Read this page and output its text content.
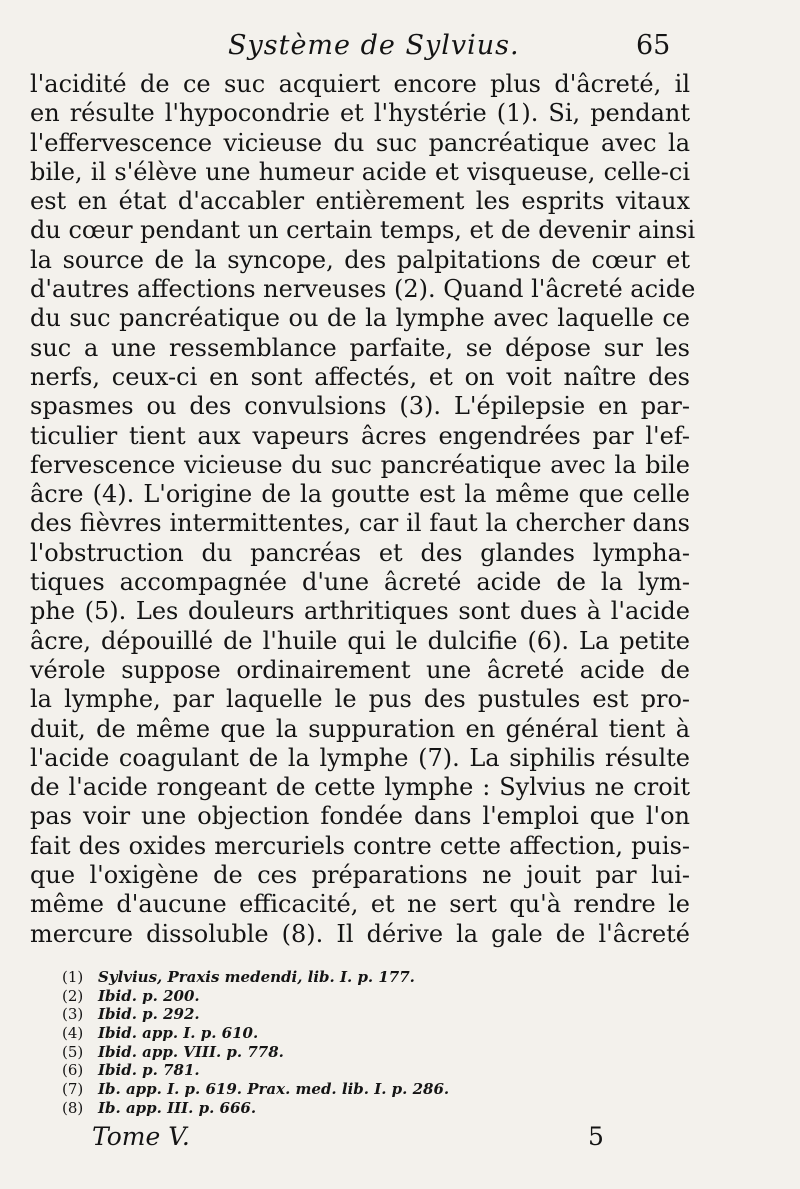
Système de Sylvius.	65
l'acidité de ce suc acquiert encore plus d'âcreté, il
en résulte l'hypocondrie et l'hystérie (1). Si, pendant
l'effervescence vicieuse du suc pancréatique avec la
bile, il s'élève une humeur acide et visqueuse, celle-ci
est en état d'accabler entièrement les esprits vitaux
du cœur pendant un certain temps, et de devenir ainsi
la source de la syncope, des palpitations de cœur et
d'autres affections nerveuses (2). Quand l'âcreté acide
du suc pancréatique ou de la lymphe avec laquelle ce
suc a une ressemblance parfaite, se dépose sur les
nerfs, ceux-ci en sont affectés, et on voit naître des
spasmes ou des convulsions (3). L'épilepsie en par-
ticulier tient aux vapeurs âcres engendrées par l'ef-
fervescence vicieuse du suc pancréatique avec la bile
âcre (4). L'origine de la goutte est la même que celle
des fièvres intermittentes, car il faut la chercher dans
l'obstruction du pancréas et des glandes lympha-
tiques accompagnée d'une âcreté acide de la lym-
phe (5). Les douleurs arthritiques sont dues à l'acide
âcre, dépouillé de l'huile qui le dulcifie (6). La petite
vérole suppose ordinairement une âcreté acide de
la lymphe, par laquelle le pus des pustules est pro-
duit, de même que la suppuration en général tient à
l'acide coagulant de la lymphe (7). La siphilis résulte
de l'acide rongeant de cette lymphe : Sylvius ne croit
pas voir une objection fondée dans l'emploi que l'on
fait des oxides mercuriels contre cette affection, puis-
que l'oxigène de ces préparations ne jouit par lui-
même d'aucune efficacité, et ne sert qu'à rendre le
mercure dissoluble (8). Il dérive la gale de l'âcreté
(1) Sylvius, Praxis medendi, lib. I. p. 177.
(2) Ibid. p. 200.
(3) Ibid. p. 292.
(4) Ibid. app. I. p. 610.
(5) Ibid. app. VIII. p. 778.
(6) Ibid. p. 781.
(7) Ib. app. I. p. 619. Prax. med. lib. I. p. 286.
(8) Ib. app. III. p. 666.
Tome V.	5
